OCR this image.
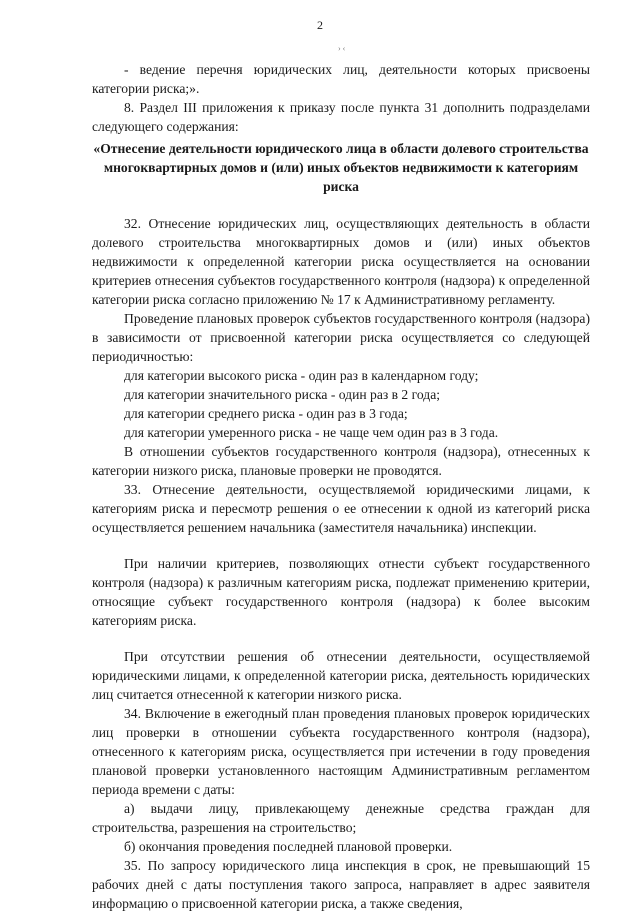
2
› ‹

- ведение перечня юридических лиц, деятельности которых присвоены категории риска;».

8. Раздел III приложения к приказу после пункта 31 дополнить подразделами следующего содержания:

«Отнесение деятельности юридического лица в области долевого строительства многоквартирных домов и (или) иных объектов недвижимости к категориям риска

32. Отнесение юридических лиц, осуществляющих деятельность в области долевого строительства многоквартирных домов и (или) иных объектов недвижимости к определенной категории риска осуществляется на основании критериев отнесения субъектов государственного контроля (надзора) к определенной категории риска согласно приложению № 17 к Административному регламенту.

Проведение плановых проверок субъектов государственного контроля (надзора) в зависимости от присвоенной категории риска осуществляется со следующей периодичностью:

для категории высокого риска - один раз в календарном году;

для категории значительного риска - один раз в 2 года;

для категории среднего риска - один раз в 3 года;

для категории умеренного риска - не чаще чем один раз в 3 года.

В отношении субъектов государственного контроля (надзора), отнесенных к категории низкого риска, плановые проверки не проводятся.

33. Отнесение деятельности, осуществляемой юридическими лицами, к категориям риска и пересмотр решения о ее отнесении к одной из категорий риска осуществляется решением начальника (заместителя начальника) инспекции.

При наличии критериев, позволяющих отнести субъект государственного контроля (надзора) к различным категориям риска, подлежат применению критерии, относящие субъект государственного контроля (надзора) к более высоким категориям риска.

При отсутствии решения об отнесении деятельности, осуществляемой юридическими лицами, к определенной категории риска, деятельность юридических лиц считается отнесенной к категории низкого риска.

34. Включение в ежегодный план проведения плановых проверок юридических лиц проверки в отношении субъекта государственного контроля (надзора), отнесенного к категориям риска, осуществляется при истечении в году проведения плановой проверки установленного настоящим Административным регламентом периода времени с даты:

а) выдачи лицу, привлекающему денежные средства граждан для строительства, разрешения на строительство;

б) окончания проведения последней плановой проверки.

35. По запросу юридического лица инспекция в срок, не превышающий 15 рабочих дней с даты поступления такого запроса, направляет в адрес заявителя информацию о присвоенной категории риска, а также сведения,
